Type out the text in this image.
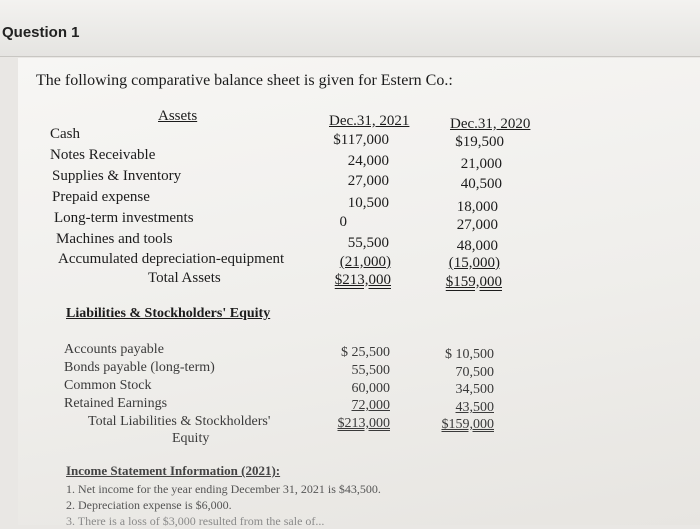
Question 1
The following comparative balance sheet is given for Estern Co.:
Assets	Dec.31, 2021	Dec.31, 2020
Cash
Notes Receivable
Supplies & Inventory
Prepaid expense
Long-term investments
Machines and tools
Accumulated depreciation-equipment
Total Assets
$117,000
24,000
27,000
10,500
0
55,500
(21,000)
$213,000
$19,500
21,000
40,500
18,000
27,000
48,000
(15,000)
$159,000
Liabilities & Stockholders' Equity
Accounts payable
Bonds payable (long-term)
Common Stock
Retained Earnings
Total Liabilities & Stockholders'
Equity
$ 25,500
55,500
60,000
72,000
$213,000
$ 10,500
70,500
34,500
43,500
$159,000
Income Statement Information (2021):
1. Net income for the year ending December 31, 2021 is $43,500.
2. Depreciation expense is $6,000.
3. There is a loss of $3,000 resulted from the sale of...
